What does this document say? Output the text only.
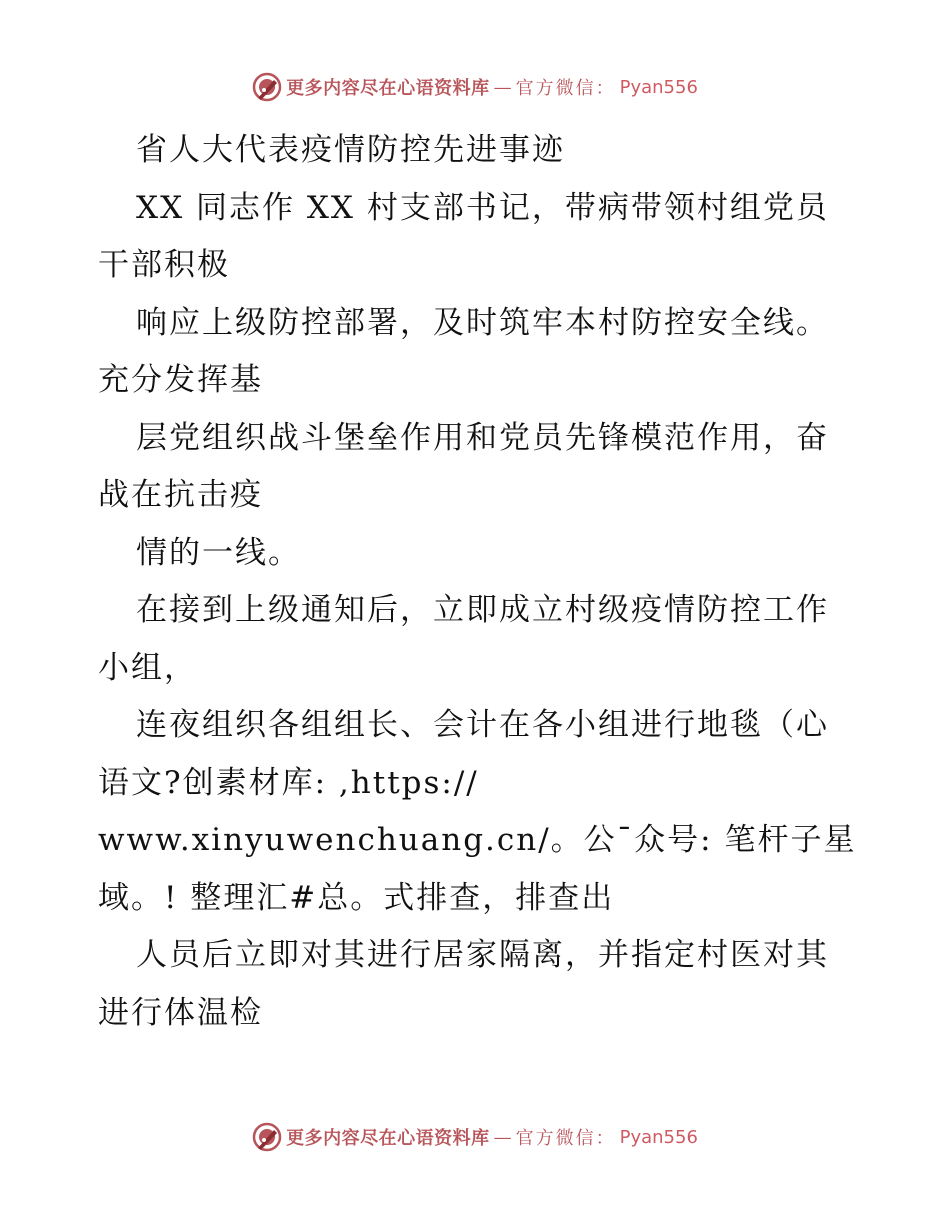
更多内容尽在心语资料库 — 官方微信： Pyan556
省人大代表疫情防控先进事迹
XX 同志作 XX 村支部书记，带病带领村组党员
干部积极
响应上级防控部署，及时筑牢本村防控安全线。
充分发挥基
层党组织战斗堡垒作用和党员先锋模范作用，奋
战在抗击疫
情的一线。
在接到上级通知后，立即成立村级疫情防控工作
小组，
连夜组织各组组长、会计在各小组进行地毯（心
语文?创素材库: ,https://
www.xinyuwenchuang.cn/。公¯众号: 笔杆子星
域。! 整理汇#总。式排查，排查出
人员后立即对其进行居家隔离，并指定村医对其
进行体温检
更多内容尽在心语资料库 — 官方微信： Pyan556
